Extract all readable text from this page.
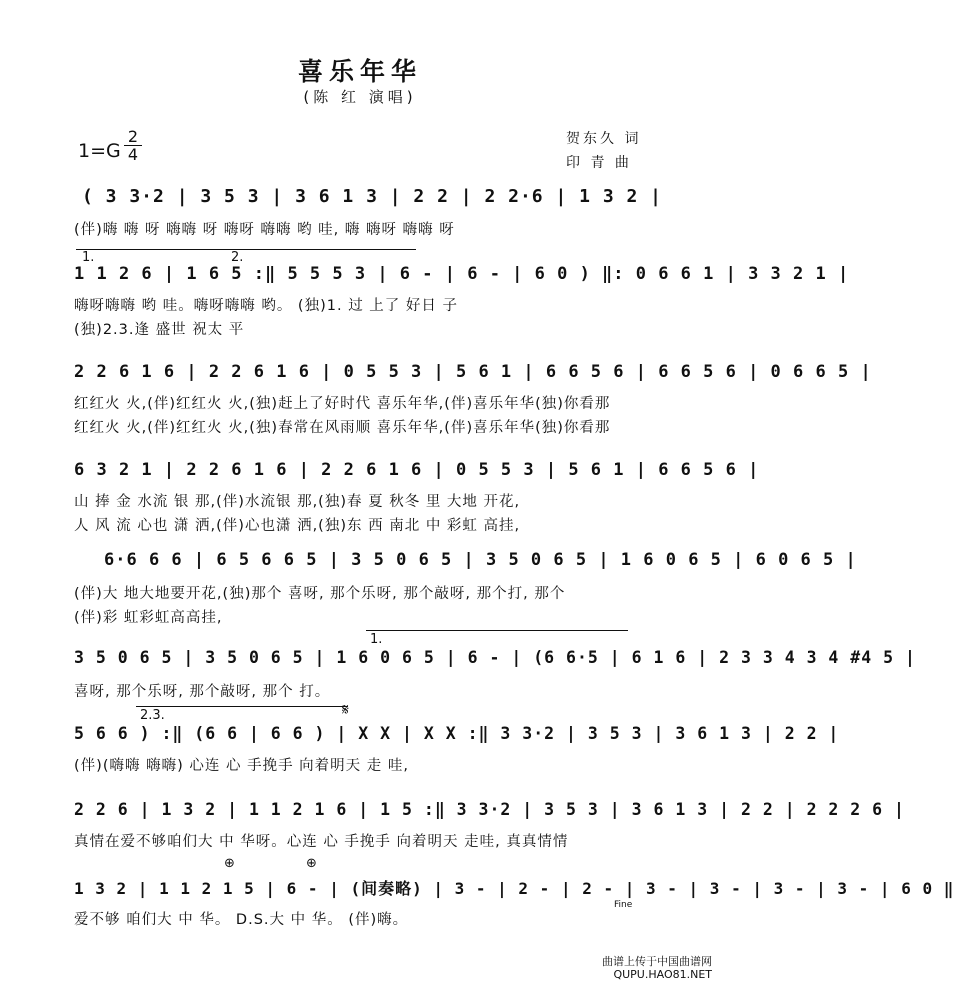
喜乐年华
(陈 红 演唱)
1=G
2
4
贺东久 词
印 青 曲
( 3 3·2 | 3 5 3 | 3 6 1 3 | 2 2 | 2 2·6 | 1 3 2 |
(伴)嗨 嗨 呀 嗨嗨 呀 嗨呀 嗨嗨 哟 哇, 嗨 嗨呀 嗨嗨 呀
1.	2.
1 1 2 6 | 1 6 5 :‖ 5 5 5 3 | 6 - | 6 - | 6 0 ) ‖: 0 6 6 1 | 3 3 2 1 |
嗨呀嗨嗨 哟 哇。嗨呀嗨嗨 哟。 (独)1. 过 上了 好日 子
(独)2.3.逢 盛世 祝太 平
2 2 6 1 6 | 2 2 6 1 6 | 0 5 5 3 | 5 6 1 | 6 6 5 6 | 6 6 5 6 | 0 6 6 5 |
红红火 火,(伴)红红火 火,(独)赶上了好时代 喜乐年华,(伴)喜乐年华(独)你看那
红红火 火,(伴)红红火 火,(独)春常在风雨顺 喜乐年华,(伴)喜乐年华(独)你看那
6 3 2 1 | 2 2 6 1 6 | 2 2 6 1 6 | 0 5 5 3 | 5 6 1 | 6 6 5 6 |
山 捧 金 水流 银 那,(伴)水流银 那,(独)春 夏 秋冬 里 大地 开花,
人 风 流 心也 潇 洒,(伴)心也潇 洒,(独)东 西 南北 中 彩虹 高挂,
6·6 6 6 | 6 5 6 6 5 | 3 5 0 6 5 | 3 5 0 6 5 | 1 6 0 6 5 | 6 0 6 5 |
(伴)大 地大地要开花,(独)那个 喜呀, 那个乐呀, 那个敲呀, 那个打, 那个
(伴)彩 虹彩虹高高挂,
1.
3 5 0 6 5 | 3 5 0 6 5 | 1 6 0 6 5 | 6 - | (6 6·5 | 6 1 6 | 2 3 3 4 3 4 #4 5 |
喜呀, 那个乐呀, 那个敲呀, 那个 打。
2.3.	𝄋
5 6 6 ) :‖ (6 6 | 6 6 ) | X X | X X :‖ 3 3·2 | 3 5 3 | 3 6 1 3 | 2 2 |
(伴)(嗨嗨 嗨嗨) 心连 心 手挽手 向着明天 走 哇,
2 2 6 | 1 3 2 | 1 1 2 1 6 | 1 5 :‖ 3 3·2 | 3 5 3 | 3 6 1 3 | 2 2 | 2 2 2 6 |
真情在爱不够咱们大 中 华呀。心连 心 手挽手 向着明天 走哇, 真真情情
⊕	⊕
1 3 2 | 1 1 2 1 5 | 6 - | (间奏略) | 3 - | 2 - | 2 - | 3 - | 3 - | 3 - | 3 - | 6 0 ‖
爱不够 咱们大 中 华。 D.S.大 中 华。 (伴)嗨。
Fine
曲谱上传于中国曲谱网
QUPU.HAO81.NET
